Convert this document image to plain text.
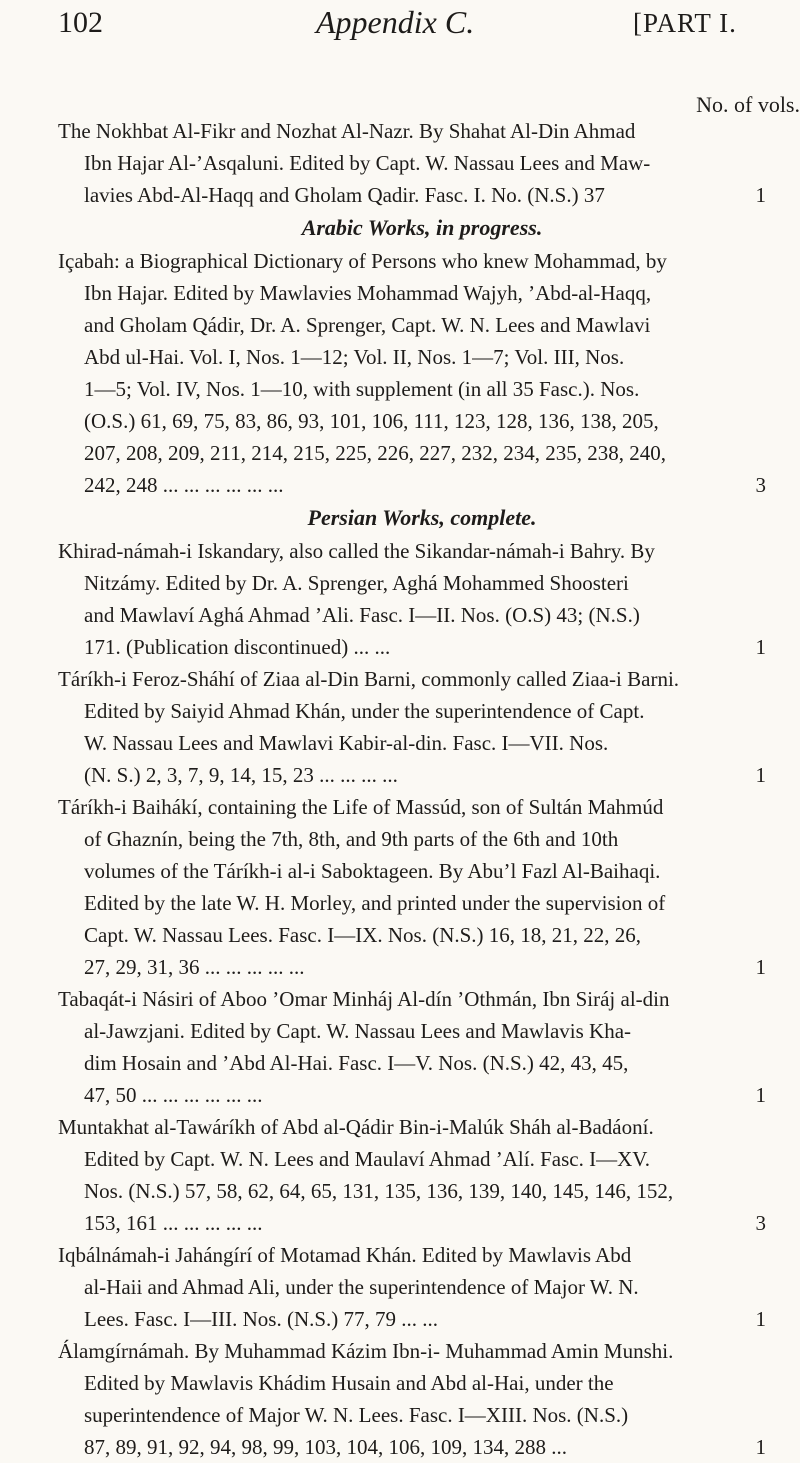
102	Appendix C.	[PART I.
No. of vols.
The Nokhbat Al-Fikr and Nozhat Al-Nazr. By Shahat Al-Din Ahmad
Ibn Hajar Al-’Asqaluni. Edited by Capt. W. Nassau Lees and Maw-
lavies Abd-Al-Haqq and Gholam Qadir. Fasc. I. No. (N.S.) 37	1
Arabic Works, in progress.
Içabah: a Biographical Dictionary of Persons who knew Mohammad, by
Ibn Hajar. Edited by Mawlavies Mohammad Wajyh, ’Abd-al-Haqq,
and Gholam Qádir, Dr. A. Sprenger, Capt. W. N. Lees and Mawlavi
Abd ul-Hai. Vol. I, Nos. 1—12; Vol. II, Nos. 1—7; Vol. III, Nos.
1—5; Vol. IV, Nos. 1—10, with supplement (in all 35 Fasc.). Nos.
(O.S.) 61, 69, 75, 83, 86, 93, 101, 106, 111, 123, 128, 136, 138, 205,
207, 208, 209, 211, 214, 215, 225, 226, 227, 232, 234, 235, 238, 240,
242, 248 ... ... ... ... ... ...	3
Persian Works, complete.
Khirad-námah-i Iskandary, also called the Sikandar-námah-i Bahry. By
Nitzámy. Edited by Dr. A. Sprenger, Aghá Mohammed Shoosteri
and Mawlaví Aghá Ahmad ’Ali. Fasc. I—II. Nos. (O.S) 43; (N.S.)
171. (Publication discontinued) ... ...	1
Táríkh-i Feroz-Sháhí of Ziaa al-Din Barni, commonly called Ziaa-i Barni.
Edited by Saiyid Ahmad Khán, under the superintendence of Capt.
W. Nassau Lees and Mawlavi Kabir-al-din. Fasc. I—VII. Nos.
(N. S.) 2, 3, 7, 9, 14, 15, 23 ... ... ... ...	1
Táríkh-i Baihákí, containing the Life of Massúd, son of Sultán Mahmúd
of Ghaznín, being the 7th, 8th, and 9th parts of the 6th and 10th
volumes of the Táríkh-i al-i Saboktageen. By Abu’l Fazl Al-Baihaqi.
Edited by the late W. H. Morley, and printed under the supervision of
Capt. W. Nassau Lees. Fasc. I—IX. Nos. (N.S.) 16, 18, 21, 22, 26,
27, 29, 31, 36 ... ... ... ... ...	1
Tabaqát-i Násiri of Aboo ’Omar Minháj Al-dín ’Othmán, Ibn Siráj al-din
al-Jawzjani. Edited by Capt. W. Nassau Lees and Mawlavis Kha-
dim Hosain and ’Abd Al-Hai. Fasc. I—V. Nos. (N.S.) 42, 43, 45,
47, 50 ... ... ... ... ... ...	1
Muntakhat al-Tawáríkh of Abd al-Qádir Bin-i-Malúk Sháh al-Badáoní.
Edited by Capt. W. N. Lees and Maulaví Ahmad ’Alí. Fasc. I—XV.
Nos. (N.S.) 57, 58, 62, 64, 65, 131, 135, 136, 139, 140, 145, 146, 152,
153, 161 ... ... ... ... ...	3
Iqbálnámah-i Jahángírí of Motamad Khán. Edited by Mawlavis Abd
al-Haii and Ahmad Ali, under the superintendence of Major W. N.
Lees. Fasc. I—III. Nos. (N.S.) 77, 79 ... ...	1
Álamgírnámah. By Muhammad Kázim Ibn-i- Muhammad Amin Munshi.
Edited by Mawlavis Khádim Husain and Abd al-Hai, under the
superintendence of Major W. N. Lees. Fasc. I—XIII. Nos. (N.S.)
87, 89, 91, 92, 94, 98, 99, 103, 104, 106, 109, 134, 288 ...	1
